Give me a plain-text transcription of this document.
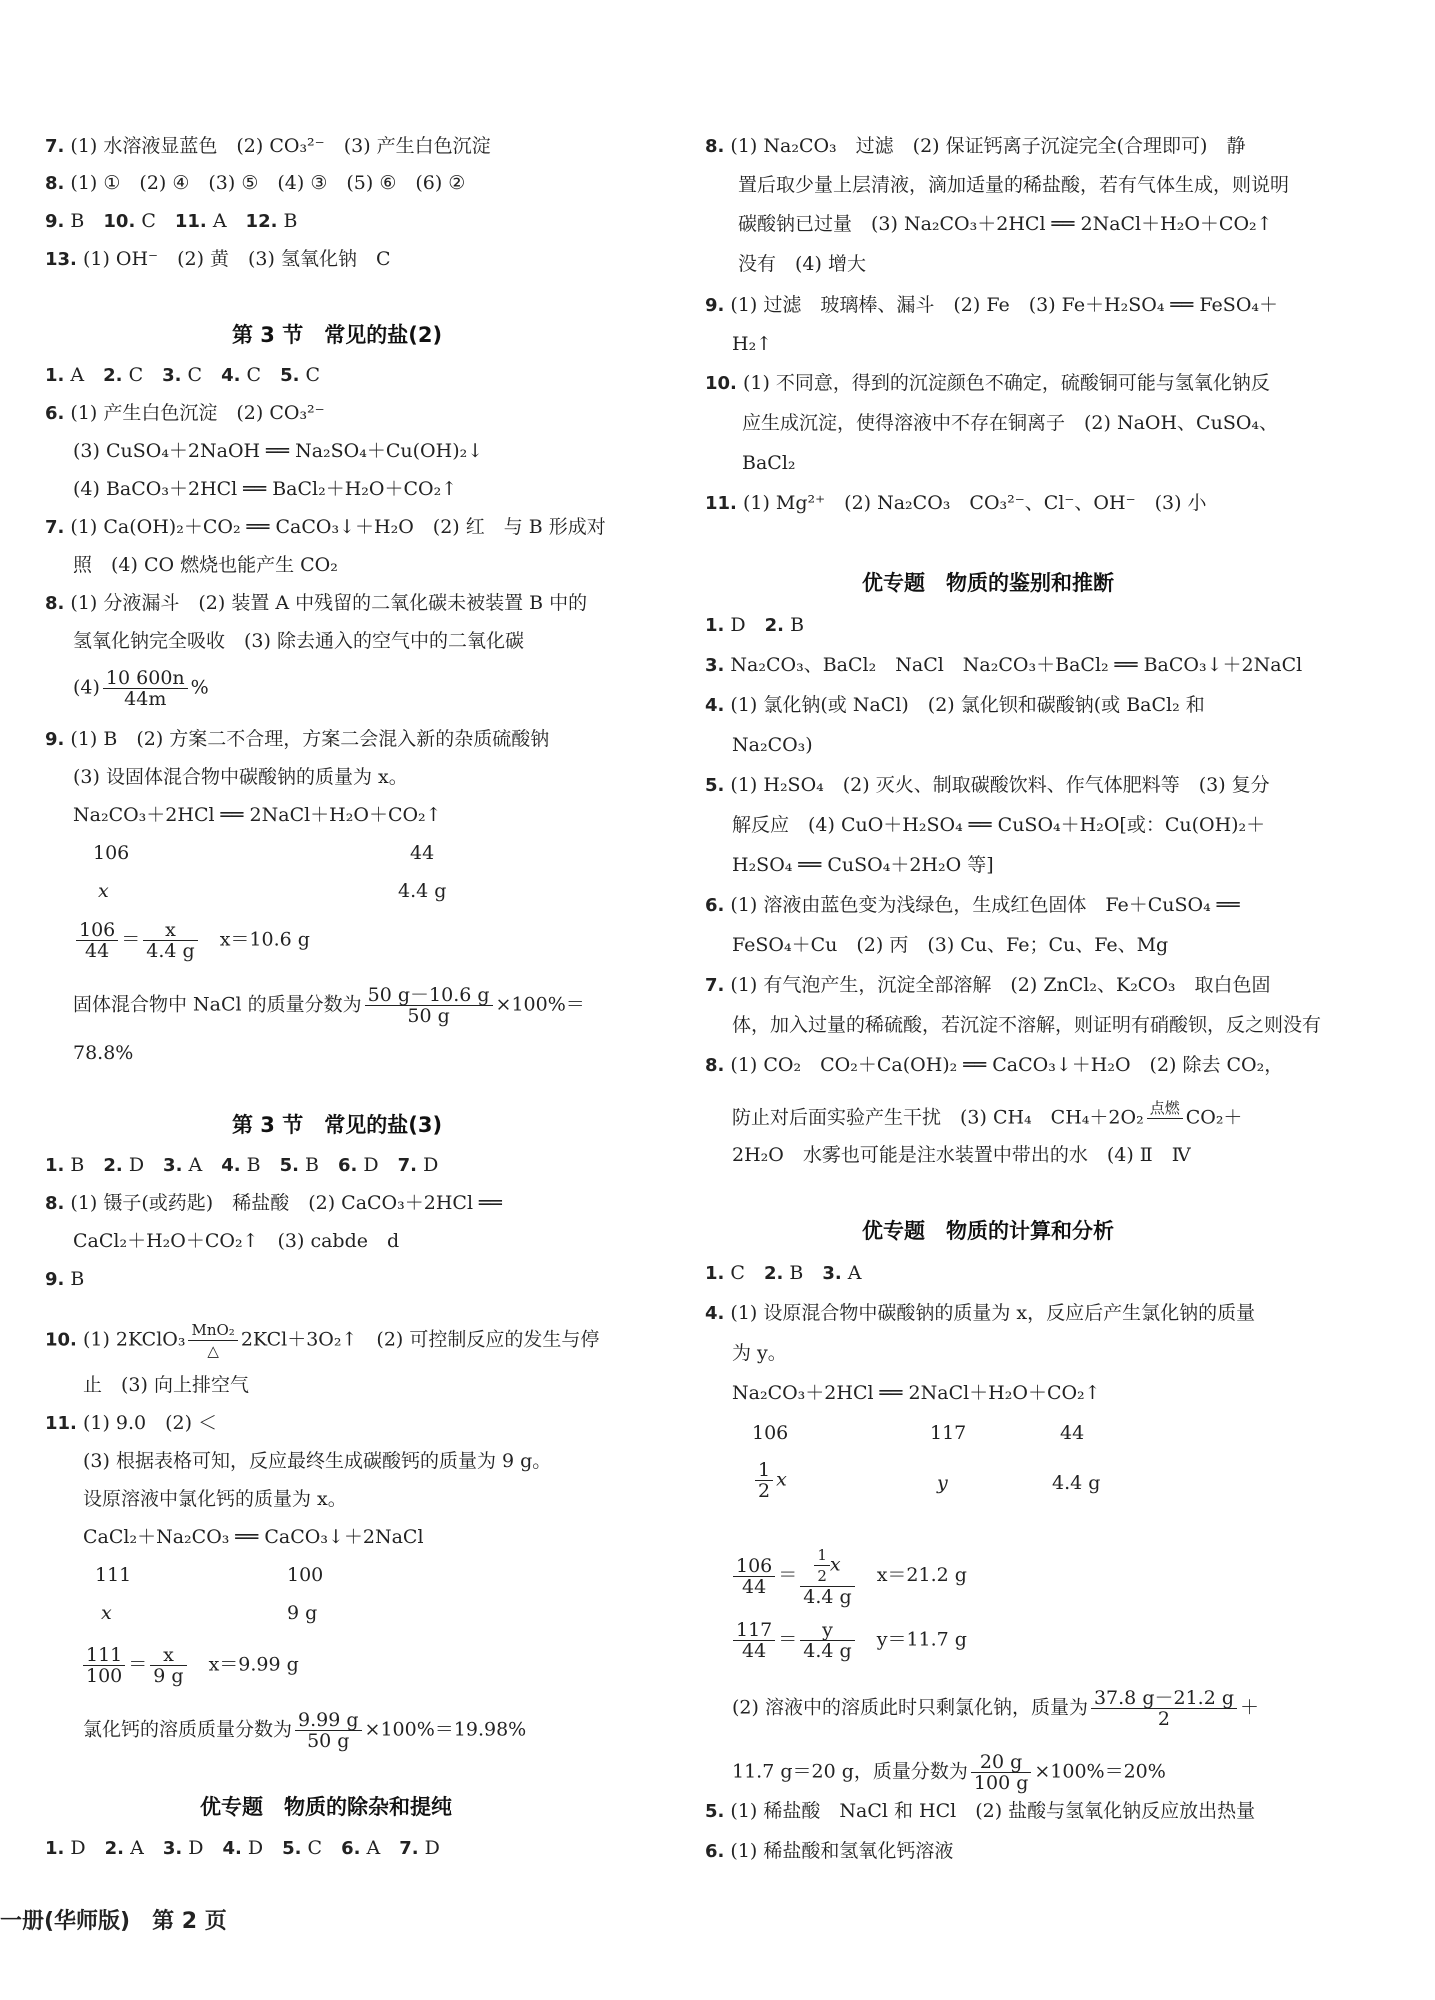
7. (1) 水溶液显蓝色　(2) CO₃²⁻　(3) 产生白色沉淀
8. (1) ①　(2) ④　(3) ⑤　(4) ③　(5) ⑥　(6) ②
9. B　10. C　11. A　12. B
13. (1) OH⁻　(2) 黄　(3) 氢氧化钠　C
第 3 节　常见的盐(2)
1. A　2. C　3. C　4. C　5. C
6. (1) 产生白色沉淀　(2) CO₃²⁻
(3) CuSO₄＋2NaOH ══ Na₂SO₄＋Cu(OH)₂↓
(4) BaCO₃＋2HCl ══ BaCl₂＋H₂O＋CO₂↑
7. (1) Ca(OH)₂＋CO₂ ══ CaCO₃↓＋H₂O　(2) 红　与 B 形成对
照　(4) CO 燃烧也能产生 CO₂
8. (1) 分液漏斗　(2) 装置 A 中残留的二氧化碳未被装置 B 中的
氢氧化钠完全吸收　(3) 除去通入的空气中的二氧化碳
$(4) \frac{10 600n}{44m}$ %
9. (1) B　(2) 方案二不合理，方案二会混入新的杂质硫酸钠
(3) 设固体混合物中碳酸钠的质量为 x。
Na₂CO₃＋2HCl ══ 2NaCl＋H₂O＋CO₂↑
106	44
x	4.4 g
$\frac{106}{44} = \frac{x}{4.4 g}$
　 x＝10.6 g
固体混合物中 NaCl 的质量分数为 $\frac{50 g-10.6 g}{50 g} \times 100\%=$
78.8%
第 3 节　常见的盐(3)
1. B　2. D　3. A　4. B　5. B　6. D　7. D
8. (1) 镊子(或药匙)　稀盐酸　(2) CaCO₃＋2HCl ══
CaCl₂＋H₂O＋CO₂↑　(3) cabde　d
9. B
10. (1) 2KClO₃ $\frac{\text{MnO₂}}{\triangle}$ 2KCl＋3O₂↑　(2) 可控制反应的发生与停
止　(3) 向上排空气
11. (1) 9.0　(2) ＜
(3) 根据表格可知，反应最终生成碳酸钙的质量为 9 g。
设原溶液中氯化钙的质量为 x。
CaCl₂＋Na₂CO₃ ══ CaCO₃↓＋2NaCl
111	100
x	9 g
$\frac{111}{100} = \frac{x}{9 g}$
　 x＝9.99 g
氯化钙的溶质质量分数为 $\frac{9.99 g}{50 g} \times 100\%=19.98\%$
优专题　物质的除杂和提纯
1. D　2. A　3. D　4. D　5. C　6. A　7. D
8. (1) Na₂CO₃　过滤　(2) 保证钙离子沉淀完全(合理即可)　静
置后取少量上层清液，滴加适量的稀盐酸，若有气体生成，则说明
碳酸钠已过量　(3) Na₂CO₃＋2HCl ══ 2NaCl＋H₂O＋CO₂↑
没有　(4) 增大
9. (1) 过滤　玻璃棒、漏斗　(2) Fe　(3) Fe＋H₂SO₄ ══ FeSO₄＋
H₂↑
10. (1) 不同意，得到的沉淀颜色不确定，硫酸铜可能与氢氧化钠反
应生成沉淀，使得溶液中不存在铜离子　(2) NaOH、CuSO₄、
BaCl₂
11. (1) Mg²⁺　(2) Na₂CO₃　CO₃²⁻、Cl⁻、OH⁻　(3) 小
优专题　物质的鉴别和推断
1. D　2. B
3. Na₂CO₃、BaCl₂　NaCl　Na₂CO₃＋BaCl₂ ══ BaCO₃↓＋2NaCl
4. (1) 氯化钠(或 NaCl)　(2) 氯化钡和碳酸钠(或 BaCl₂ 和
Na₂CO₃)
5. (1) H₂SO₄　(2) 灭火、制取碳酸饮料、作气体肥料等　(3) 复分
解反应　(4) CuO＋H₂SO₄ ══ CuSO₄＋H₂O[或：Cu(OH)₂＋
H₂SO₄ ══ CuSO₄＋2H₂O 等]
6. (1) 溶液由蓝色变为浅绿色，生成红色固体　Fe＋CuSO₄ ══
FeSO₄＋Cu　(2) 丙　(3) Cu、Fe；Cu、Fe、Mg
7. (1) 有气泡产生，沉淀全部溶解　(2) ZnCl₂、K₂CO₃　取白色固
体，加入过量的稀硫酸，若沉淀不溶解，则证明有硝酸钡，反之则没有
8. (1) CO₂　CO₂＋Ca(OH)₂ ══ CaCO₃↓＋H₂O　(2) 除去 CO₂，
防止对后面实验产生干扰　(3) CH₄　CH₄＋2O₂ 点燃
CO₂＋
2H₂O　水雾也可能是注水装置中带出的水　(4) Ⅱ　Ⅳ
优专题　物质的计算和分析
1. C　2. B　3. A
4. (1) 设原混合物中碳酸钠的质量为 x，反应后产生氯化钠的质量
为 y。
Na₂CO₃＋2HCl ══ 2NaCl＋H₂O＋CO₂↑
106	117	44
$\frac{1}{2}$ x	y	4.4 g
$\frac{106}{44} = \frac{\frac{1}{2} x}{4.4 g}$
　 x＝21.2 g
$\frac{117}{44} = \frac{y}{4.4 g}$
　 y＝11.7 g
(2) 溶液中的溶质此时只剩氯化钠，质量为 $\frac{37.8 g-21.2 g}{2}$ ＋
11.7 g＝20 g，质量分数为 $\frac{20 g}{100 g} \times 100\%=20\%$
5. (1) 稀盐酸　NaCl 和 HCl　(2) 盐酸与氢氧化钠反应放出热量
6. (1) 稀盐酸和氢氧化钙溶液
一册(华师版)　第 2 页
